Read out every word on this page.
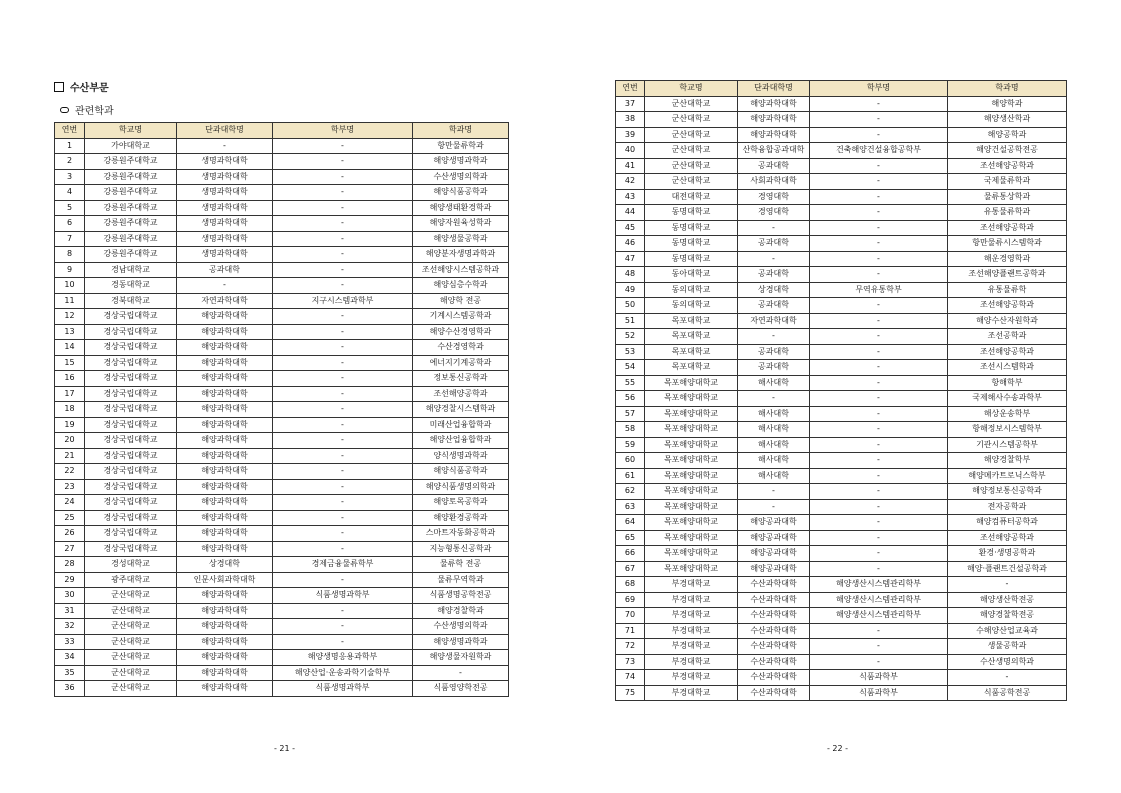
수산부문
관련학과
연번	학교명	단과대학명	학부명	학과명
1	가야대학교	-	-	항만물류학과
2	강릉원주대학교	생명과학대학	-	해양생명과학과
3	강릉원주대학교	생명과학대학	-	수산생명의학과
4	강릉원주대학교	생명과학대학	-	해양식품공학과
5	강릉원주대학교	생명과학대학	-	해양생태환경학과
6	강릉원주대학교	생명과학대학	-	해양자원육성학과
7	강릉원주대학교	생명과학대학	-	해양생물공학과
8	강릉원주대학교	생명과학대학	-	해양분자생명과학과
9	경남대학교	공과대학	-	조선해양시스템공학과
10	경동대학교	-	-	해양심층수학과
11	경북대학교	자연과학대학	지구시스템과학부	해양학 전공
12	경상국립대학교	해양과학대학	-	기계시스템공학과
13	경상국립대학교	해양과학대학	-	해양수산경영학과
14	경상국립대학교	해양과학대학	-	수산경영학과
15	경상국립대학교	해양과학대학	-	에너지기계공학과
16	경상국립대학교	해양과학대학	-	정보통신공학과
17	경상국립대학교	해양과학대학	-	조선해양공학과
18	경상국립대학교	해양과학대학	-	해양경찰시스템학과
19	경상국립대학교	해양과학대학	-	미래산업융합학과
20	경상국립대학교	해양과학대학	-	해양산업융합학과
21	경상국립대학교	해양과학대학	-	양식생명과학과
22	경상국립대학교	해양과학대학	-	해양식품공학과
23	경상국립대학교	해양과학대학	-	해양식품생명의학과
24	경상국립대학교	해양과학대학	-	해양토목공학과
25	경상국립대학교	해양과학대학	-	해양환경공학과
26	경상국립대학교	해양과학대학	-	스마트자동화공학과
27	경상국립대학교	해양과학대학	-	지능형통신공학과
28	경성대학교	상경대학	경제금융물류학부	물류학 전공
29	광주대학교	인문사회과학대학	-	물류무역학과
30	군산대학교	해양과학대학	식품생명과학부	식품생명공학전공
31	군산대학교	해양과학대학	-	해양경찰학과
32	군산대학교	해양과학대학	-	수산생명의학과
33	군산대학교	해양과학대학	-	해양생명과학과
34	군산대학교	해양과학대학	해양생명응용과학부	해양생물자원학과
35	군산대학교	해양과학대학	해양산업·운송과학기술학부	-
36	군산대학교	해양과학대학	식품생명과학부	식품영양학전공
- 21 -
연번	학교명	단과대학명	학부명	학과명
37	군산대학교	해양과학대학	-	해양학과
38	군산대학교	해양과학대학	-	해양생산학과
39	군산대학교	해양과학대학	-	해양공학과
40	군산대학교	산학융합공과대학	건축해양건설융합공학부	해양건설공학전공
41	군산대학교	공과대학	-	조선해양공학과
42	군산대학교	사회과학대학	-	국제물류학과
43	대전대학교	경영대학	-	물류통상학과
44	동명대학교	경영대학	-	유통물류학과
45	동명대학교	-	-	조선해양공학과
46	동명대학교	공과대학	-	항만물류시스템학과
47	동명대학교	-	-	해운경영학과
48	동아대학교	공과대학	-	조선해양플랜트공학과
49	동의대학교	상경대학	무역유통학부	유통물류학
50	동의대학교	공과대학	-	조선해양공학과
51	목포대학교	자연과학대학	-	해양수산자원학과
52	목포대학교	-	-	조선공학과
53	목포대학교	공과대학	-	조선해양공학과
54	목포대학교	공과대학	-	조선시스템학과
55	목포해양대학교	해사대학	-	항해학부
56	목포해양대학교	-	-	국제해사수송과학부
57	목포해양대학교	해사대학	-	해상운송학부
58	목포해양대학교	해사대학	-	항해정보시스템학부
59	목포해양대학교	해사대학	-	기관시스템공학부
60	목포해양대학교	해사대학	-	해양경찰학부
61	목포해양대학교	해사대학	-	해양메카트로닉스학부
62	목포해양대학교	-	-	해양정보통신공학과
63	목포해양대학교	-	-	전자공학과
64	목포해양대학교	해양공과대학	-	해양컴퓨터공학과
65	목포해양대학교	해양공과대학	-	조선해양공학과
66	목포해양대학교	해양공과대학	-	환경·생명공학과
67	목포해양대학교	해양공과대학	-	해양·플랜트건설공학과
68	부경대학교	수산과학대학	해양생산시스템관리학부	-
69	부경대학교	수산과학대학	해양생산시스템관리학부	해양생산학전공
70	부경대학교	수산과학대학	해양생산시스템관리학부	해양경찰학전공
71	부경대학교	수산과학대학	-	수해양산업교육과
72	부경대학교	수산과학대학	-	생물공학과
73	부경대학교	수산과학대학	-	수산생명의학과
74	부경대학교	수산과학대학	식품과학부	-
75	부경대학교	수산과학대학	식품과학부	식품공학전공
- 22 -
